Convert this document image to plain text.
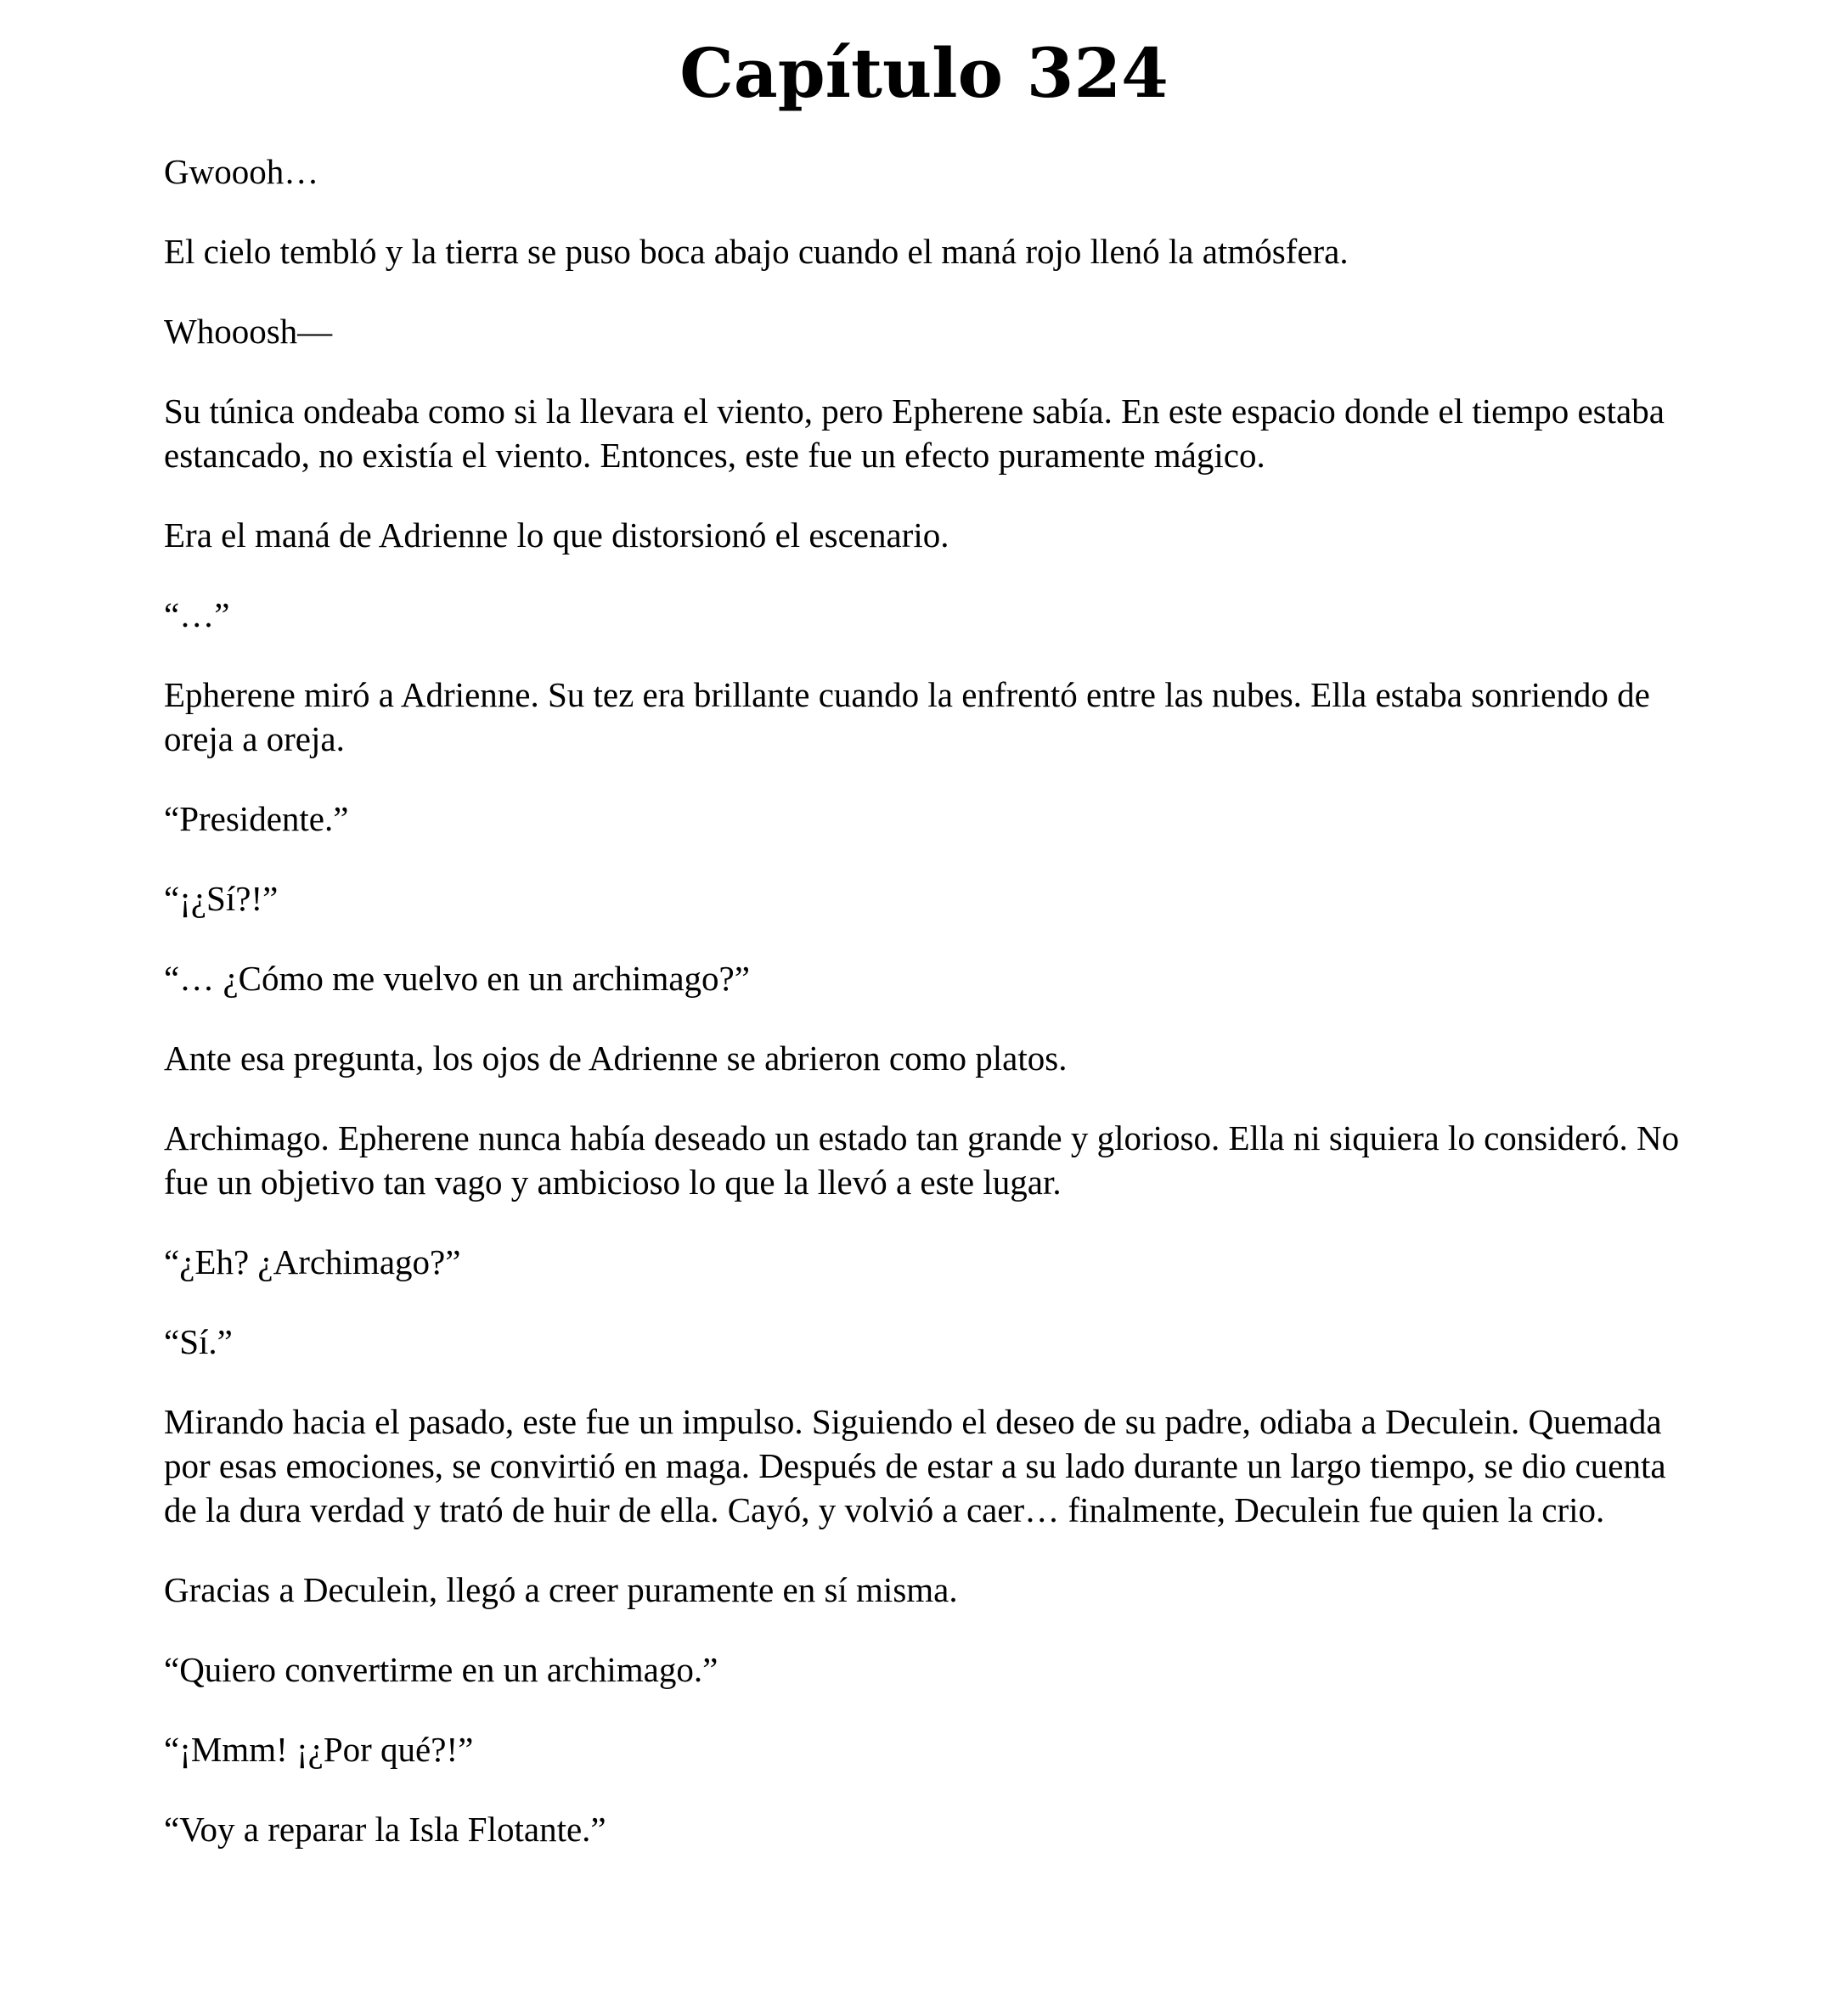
Capítulo 324

Gwoooh…

El cielo tembló y la tierra se puso boca abajo cuando el maná rojo llenó la atmósfera.

Whooosh—

Su túnica ondeaba como si la llevara el viento, pero Epherene sabía. En este espacio donde el tiempo estaba estancado, no existía el viento. Entonces, este fue un efecto puramente mágico.

Era el maná de Adrienne lo que distorsionó el escenario.

“…”

Epherene miró a Adrienne. Su tez era brillante cuando la enfrentó entre las nubes. Ella estaba sonriendo de oreja a oreja.

“Presidente.”

“¡¿Sí?!”

“… ¿Cómo me vuelvo en un archimago?”

Ante esa pregunta, los ojos de Adrienne se abrieron como platos.

Archimago. Epherene nunca había deseado un estado tan grande y glorioso. Ella ni siquiera lo consideró. No fue un objetivo tan vago y ambicioso lo que la llevó a este lugar.

“¿Eh? ¿Archimago?”

“Sí.”

Mirando hacia el pasado, este fue un impulso. Siguiendo el deseo de su padre, odiaba a Deculein. Quemada por esas emociones, se convirtió en maga. Después de estar a su lado durante un largo tiempo, se dio cuenta de la dura verdad y trató de huir de ella. Cayó, y volvió a caer… finalmente, Deculein fue quien la crio.

Gracias a Deculein, llegó a creer puramente en sí misma.

“Quiero convertirme en un archimago.”

“¡Mmm! ¡¿Por qué?!”

“Voy a reparar la Isla Flotante.”
